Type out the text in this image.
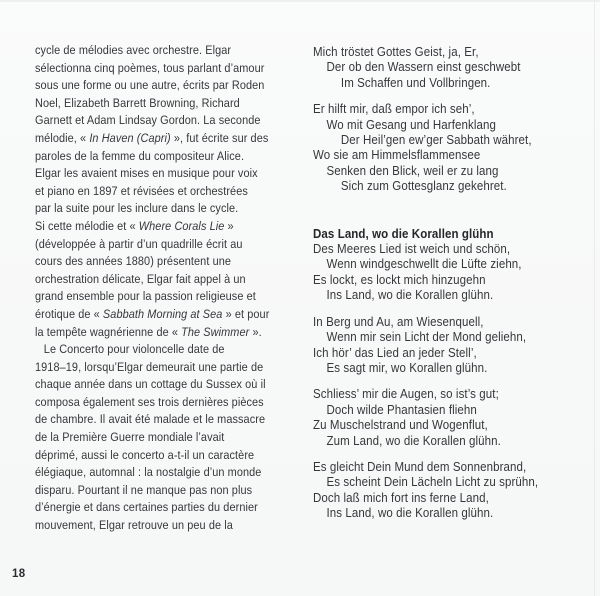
cycle de mélodies avec orchestre. Elgar
sélectionna cinq poèmes, tous parlant d’amour
sous une forme ou une autre, écrits par Roden
Noel, Elizabeth Barrett Browning, Richard
Garnett et Adam Lindsay Gordon. La seconde
mélodie, « In Haven (Capri) », fut écrite sur des
paroles de la femme du compositeur Alice.
Elgar les avaient mises en musique pour voix
et piano en 1897 et révisées et orchestrées
par la suite pour les inclure dans le cycle.
Si cette mélodie et « Where Corals Lie »
(développée à partir d’un quadrille écrit au
cours des années 1880) présentent une
orchestration délicate, Elgar fait appel à un
grand ensemble pour la passion religieuse et
érotique de « Sabbath Morning at Sea » et pour
la tempête wagnérienne de « The Swimmer ».
Le Concerto pour violoncelle date de
1918–19, lorsqu’Elgar demeurait une partie de
chaque année dans un cottage du Sussex où il
composa également ses trois dernières pièces
de chambre. Il avait été malade et le massacre
de la Première Guerre mondiale l’avait
déprimé, aussi le concerto a-t-il un caractère
élégiaque, automnal : la nostalgie d’un monde
disparu. Pourtant il ne manque pas non plus
d’énergie et dans certaines parties du dernier
mouvement, Elgar retrouve un peu de la
Mich tröstet Gottes Geist, ja, Er,
Der ob den Wassern einst geschwebt
Im Schaffen und Vollbringen.
Er hilft mir, daß empor ich seh’,
Wo mit Gesang und Harfenklang
Der Heil’gen ew’ger Sabbath währet,
Wo sie am Himmelsflammensee
Senken den Blick, weil er zu lang
Sich zum Gottesglanz gekehret.
Das Land, wo die Korallen glühn
Des Meeres Lied ist weich und schön,
Wenn windgeschwellt die Lüfte ziehn,
Es lockt, es lockt mich hinzugehn
Ins Land, wo die Korallen glühn.
In Berg und Au, am Wiesenquell,
Wenn mir sein Licht der Mond geliehn,
Ich hör’ das Lied an jeder Stell’,
Es sagt mir, wo Korallen glühn.
Schliess’ mir die Augen, so ist’s gut;
Doch wilde Phantasien fliehn
Zu Muschelstrand und Wogenflut,
Zum Land, wo die Korallen glühn.
Es gleicht Dein Mund dem Sonnenbrand,
Es scheint Dein Lächeln Licht zu sprühn,
Doch laß mich fort ins ferne Land,
Ins Land, wo die Korallen glühn.
18
